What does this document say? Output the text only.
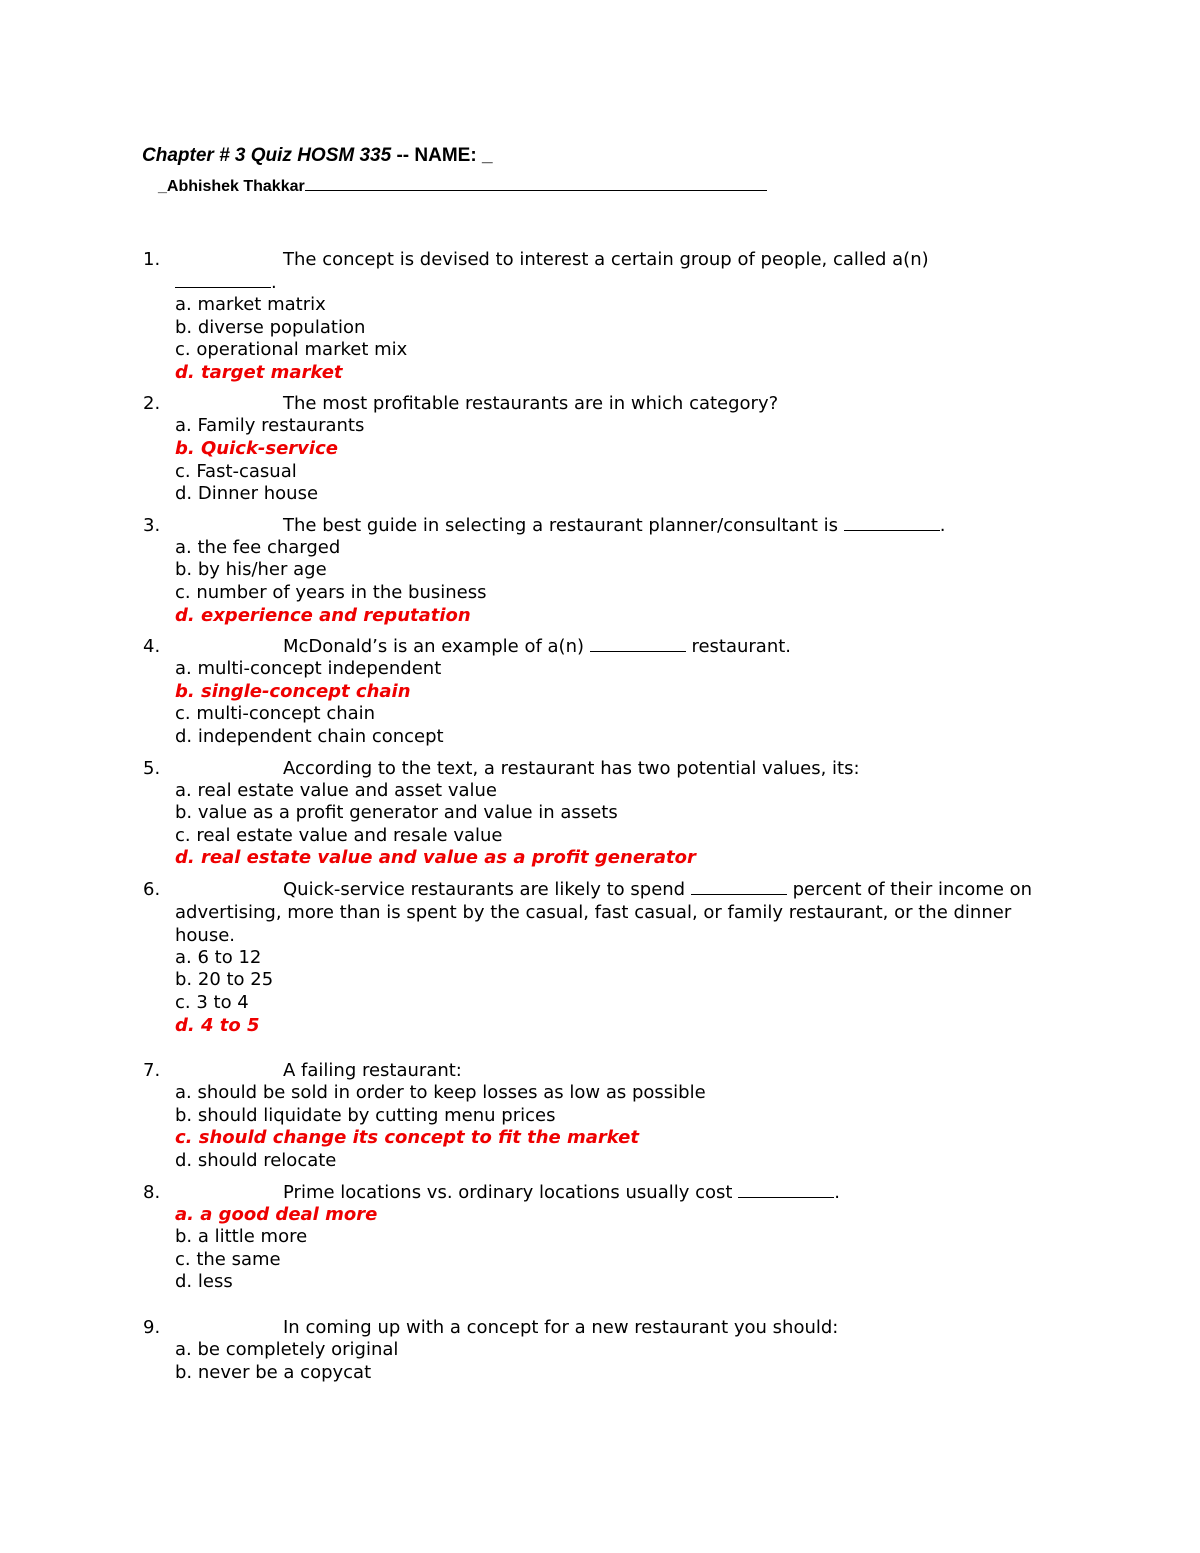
Chapter # 3 Quiz HOSM 335 -- NAME: _
_Abhishek Thakkar
1.	The concept is devised to interest a certain group of people, called a(n)
.
a. market matrix
b. diverse population
c. operational market mix
d. target market
2.	The most profitable restaurants are in which category?
a. Family restaurants
b. Quick-service
c. Fast-casual
d. Dinner house
3.	The best guide in selecting a restaurant planner/consultant is	.
a. the fee charged
b. by his/her age
c. number of years in the business
d. experience and reputation
4.	McDonald’s is an example of a(n)	restaurant.
a. multi-concept independent
b. single-concept chain
c. multi-concept chain
d. independent chain concept
5.	According to the text, a restaurant has two potential values, its:
a. real estate value and asset value
b. value as a profit generator and value in assets
c. real estate value and resale value
d. real estate value and value as a profit generator
6.	Quick-service restaurants are likely to spend	percent of their income on advertising, more than is spent by the casual, fast casual, or family restaurant, or the dinner house.
a. 6 to 12
b. 20 to 25
c. 3 to 4
d. 4 to 5
7.	A failing restaurant:
a. should be sold in order to keep losses as low as possible
b. should liquidate by cutting menu prices
c. should change its concept to fit the market
d. should relocate
8.	Prime locations vs. ordinary locations usually cost	.
a. a good deal more
b. a little more
c. the same
d. less
9.	In coming up with a concept for a new restaurant you should:
a. be completely original
b. never be a copycat
